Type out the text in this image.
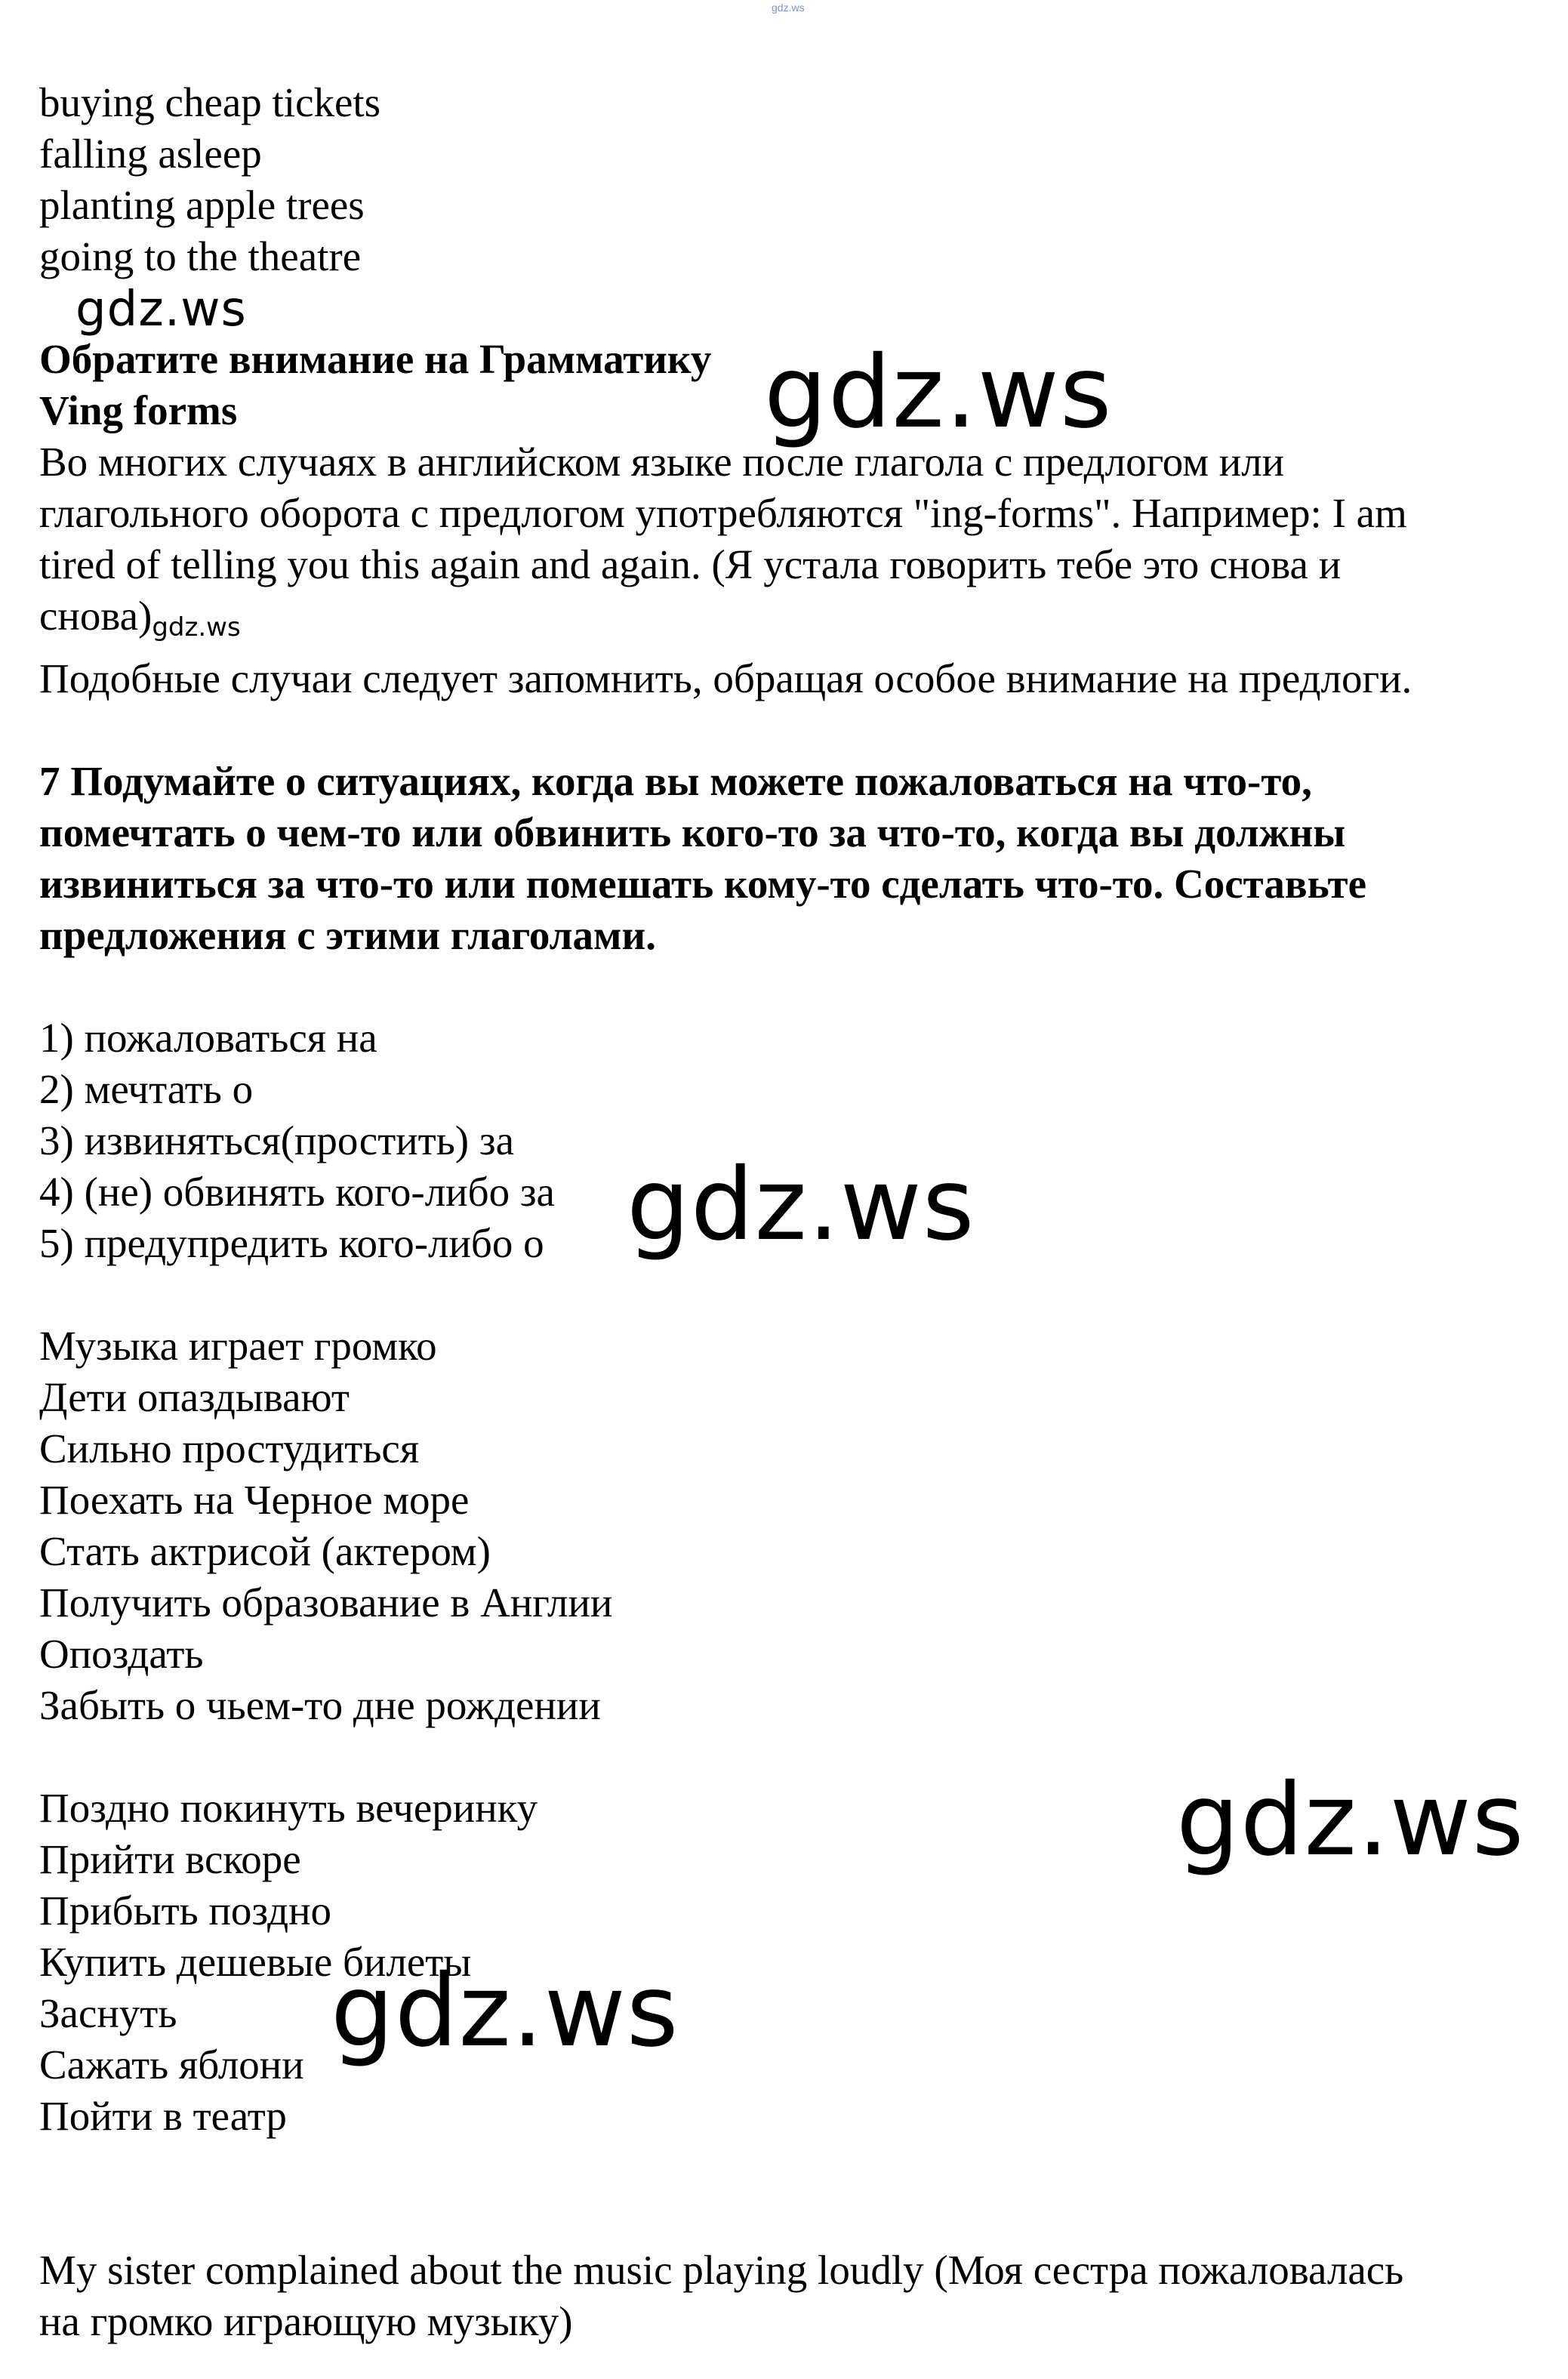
gdz.ws
buying cheap tickets
falling asleep
planting apple trees
going to the theatre
Обратите внимание на Грамматику
Ving forms
Во многих случаях в английском языке после глагола с предлогом или
глагольного оборота с предлогом употребляются "ing-forms". Например: I am
tired of telling you this again and again. (Я устала говорить тебе это снова и
снова)gdz.ws
Подобные случаи следует запомнить, обращая особое внимание на предлоги.
7 Подумайте о ситуациях, когда вы можете пожаловаться на что-то,
помечтать о чем-то или обвинить кого-то за что-то, когда вы должны
извиниться за что-то или помешать кому-то сделать что-то. Составьте
предложения с этими глаголами.
1) пожаловаться на
2) мечтать о
3) извиняться(простить) за
4) (не) обвинять кого-либо за
5) предупредить кого-либо о
Музыка играет громко
Дети опаздывают
Сильно простудиться
Поехать на Черное море
Стать актрисой (актером)
Получить образование в Англии
Опоздать
Забыть о чьем-то дне рождении
Поздно покинуть вечеринку
Прийти вскоре
Прибыть поздно
Купить дешевые билеты
Заснуть
Сажать яблони
Пойти в театр
My sister complained about the music playing loudly (Моя сестра пожаловалась
на громко играющую музыку)
gdz.ws
gdz.ws
gdz.ws
gdz.ws
gdz.ws
